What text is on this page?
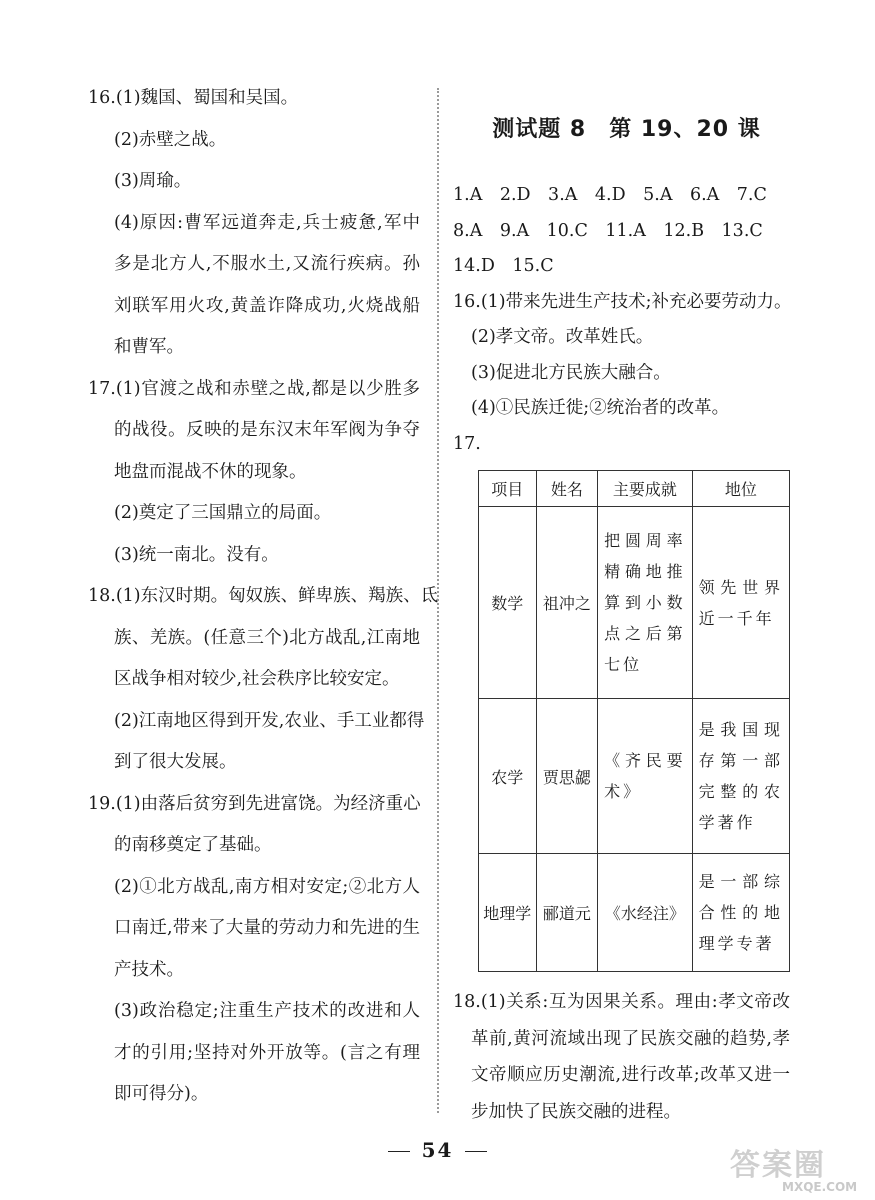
16.(1)魏国、蜀国和吴国。
(2)赤壁之战。
(3)周瑜。
(4)原因:曹军远道奔走,兵士疲惫,军中
多是北方人,不服水土,又流行疾病。孙
刘联军用火攻,黄盖诈降成功,火烧战船
和曹军。
17.(1)官渡之战和赤壁之战,都是以少胜多
的战役。反映的是东汉末年军阀为争夺
地盘而混战不休的现象。
(2)奠定了三国鼎立的局面。
(3)统一南北。没有。
18.(1)东汉时期。匈奴族、鲜卑族、羯族、氐
族、羌族。(任意三个)北方战乱,江南地
区战争相对较少,社会秩序比较安定。
(2)江南地区得到开发,农业、手工业都得
到了很大发展。
19.(1)由落后贫穷到先进富饶。为经济重心
的南移奠定了基础。
(2)①北方战乱,南方相对安定;②北方人
口南迁,带来了大量的劳动力和先进的生
产技术。
(3)政治稳定;注重生产技术的改进和人
才的引用;坚持对外开放等。(言之有理
即可得分)。
测试题 8　第 19、20 课
1.A　2.D　3.A　4.D　5.A　6.A　7.C
8.A　9.A　10.C　11.A　12.B　13.C
14.D　15.C
16.(1)带来先进生产技术;补充必要劳动力。
(2)孝文帝。改革姓氏。
(3)促进北方民族大融合。
(4)①民族迁徙;②统治者的改革。
17.
项目	姓名	主要成就	地位
数学	祖冲之	把圆周率精确地推算到小数点之后第七位	领先世界近一千年
农学	贾思勰	《齐民要术》	是我国现存第一部完整的农学著作
地理学	郦道元	《水经注》	是一部综合性的地理学专著
18.(1)关系:互为因果关系。理由:孝文帝改
革前,黄河流域出现了民族交融的趋势,孝
文帝顺应历史潮流,进行改革;改革又进一
步加快了民族交融的进程。
54	答案圈
MXQE.COM
